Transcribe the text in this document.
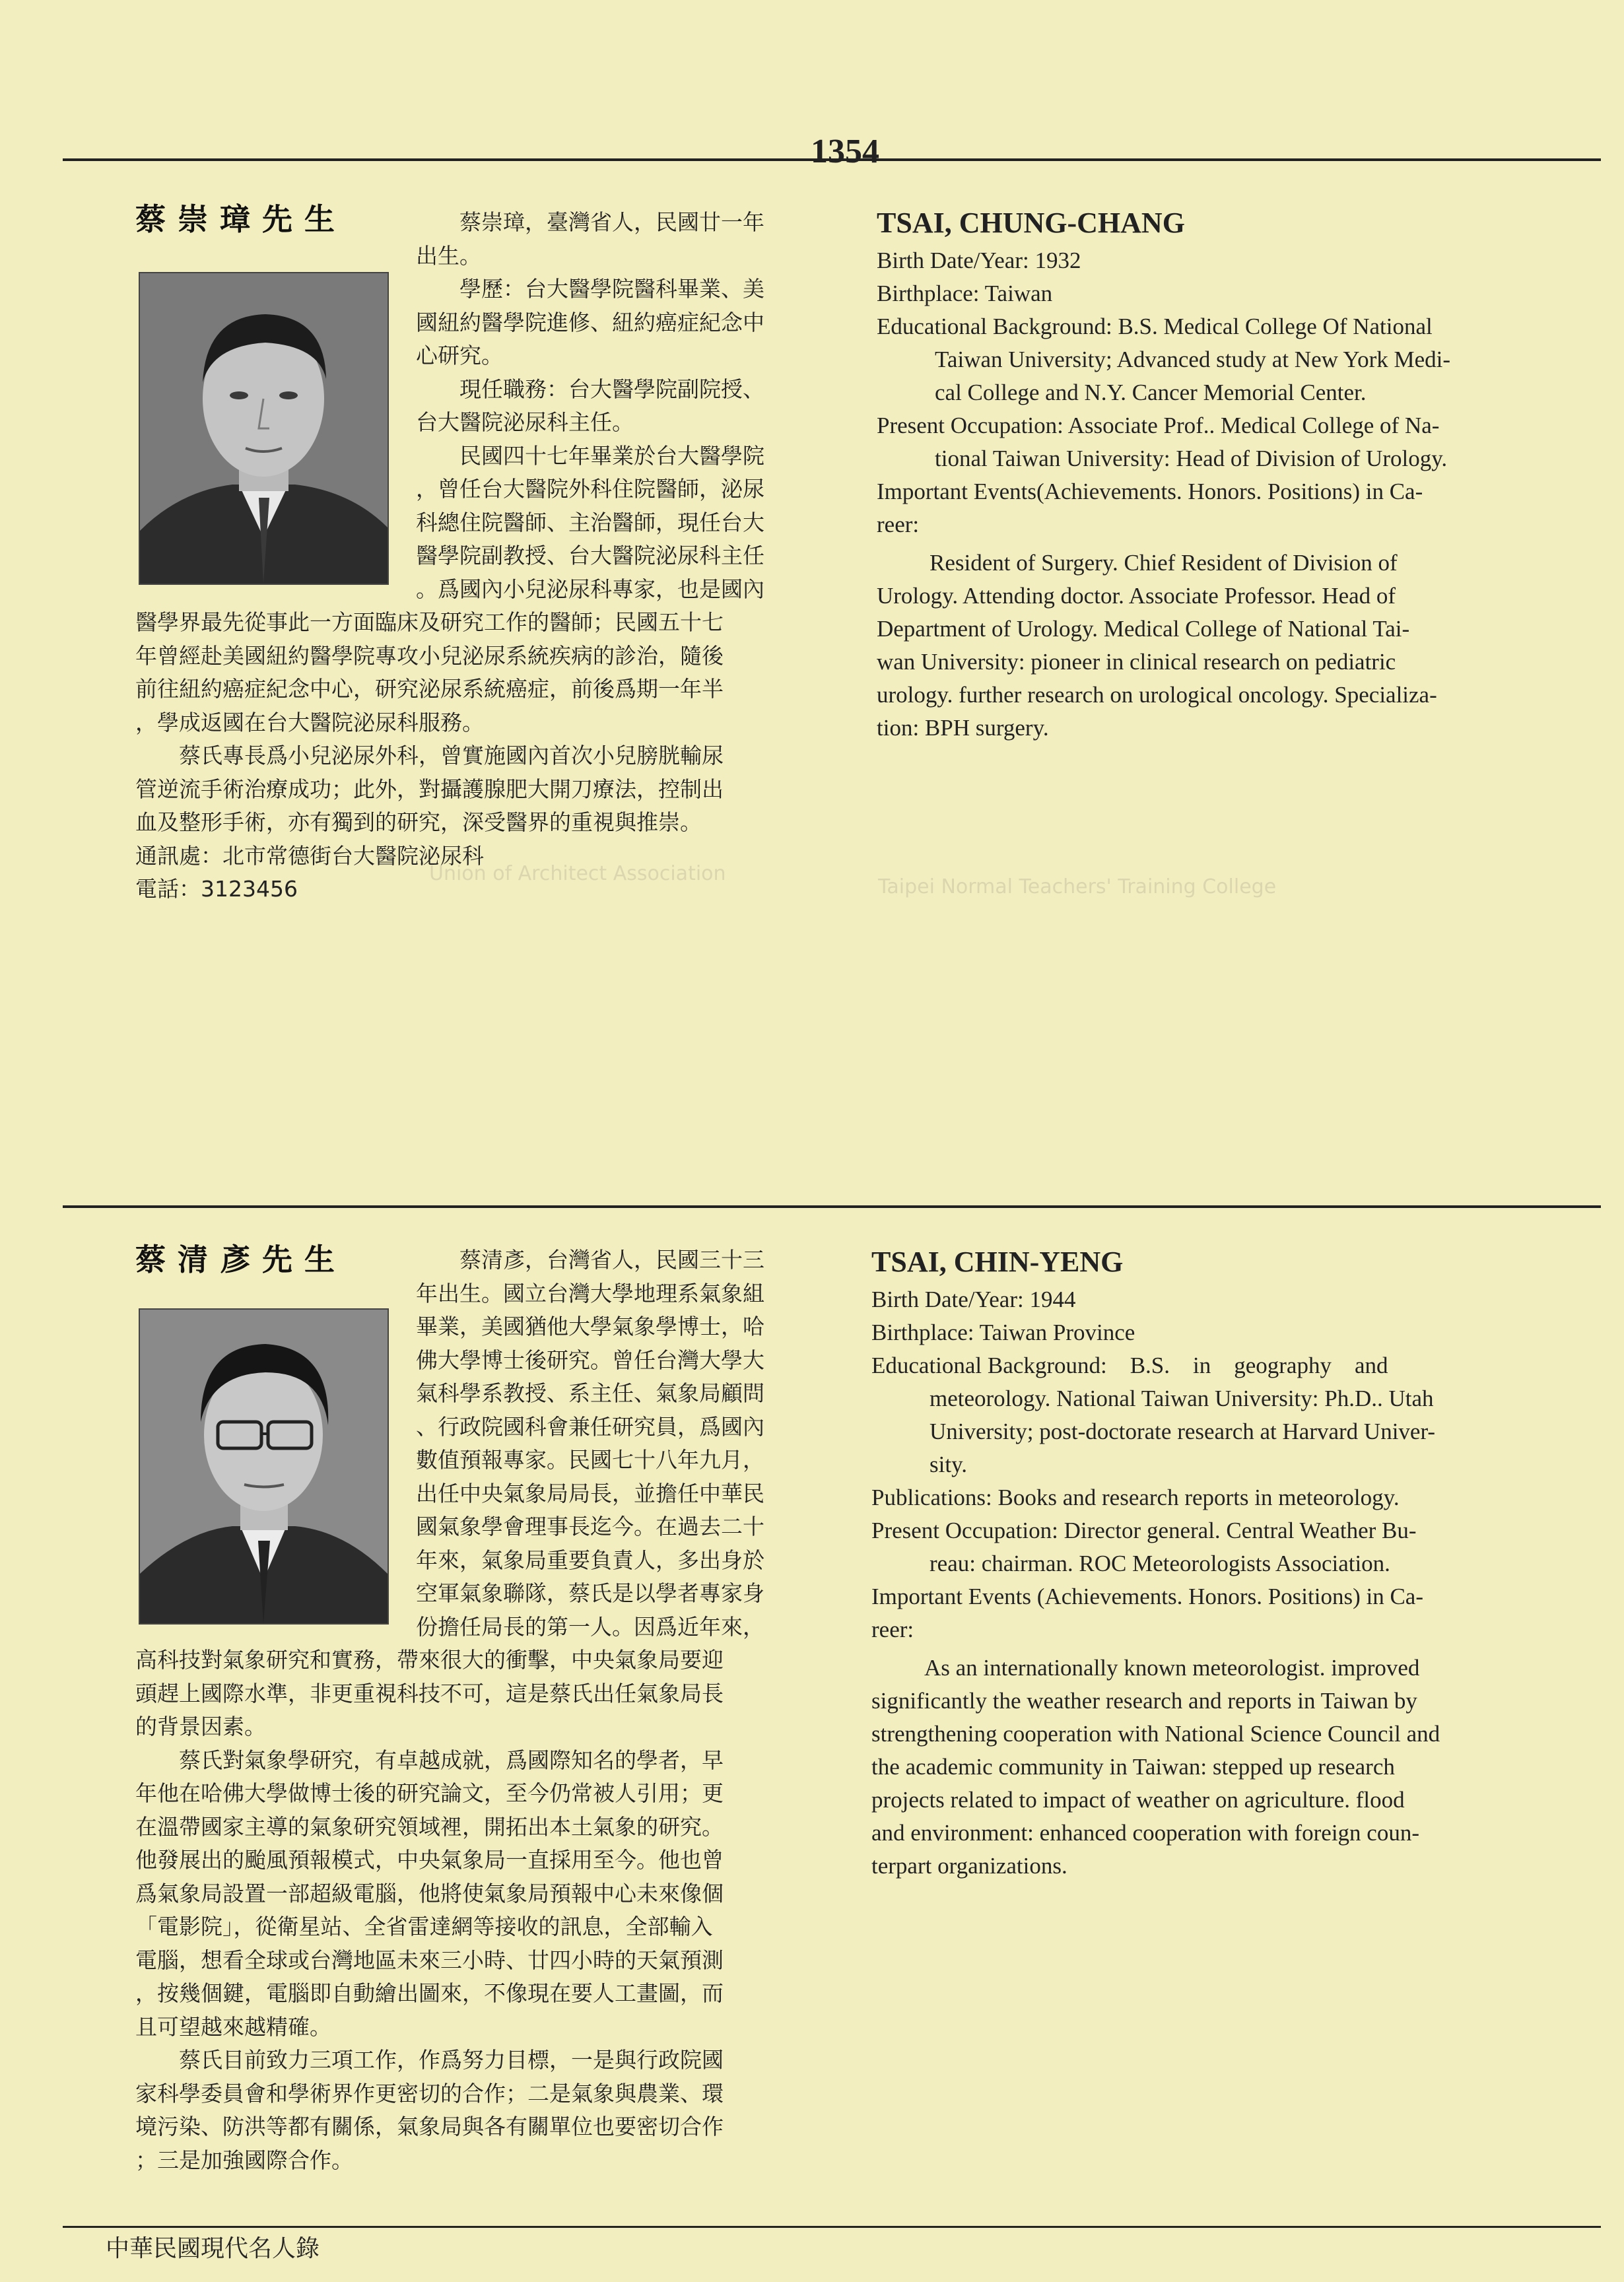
1354
中華民國現代名人錄
Taipei Normal Teachers' Training College
Union of Architect Association
蔡崇璋先生	蔡崇璋，臺灣省人，民國廿一年
出生。
學歷：台大醫學院醫科畢業、美
國紐約醫學院進修、紐約癌症紀念中
心研究。
現任職務：台大醫學院副院授、
台大醫院泌尿科主任。
民國四十七年畢業於台大醫學院
，曾任台大醫院外科住院醫師，泌尿
科總住院醫師、主治醫師，現任台大
醫學院副教授、台大醫院泌尿科主任
。爲國內小兒泌尿科專家，也是國內
醫學界最先從事此一方面臨床及研究工作的醫師；民國五十七
年曾經赴美國紐約醫學院專攻小兒泌尿系統疾病的診治，隨後
前往紐約癌症紀念中心，研究泌尿系統癌症，前後爲期一年半
，學成返國在台大醫院泌尿科服務。
蔡氏專長爲小兒泌尿外科，曾實施國內首次小兒膀胱輸尿
管逆流手術治療成功；此外，對攝護腺肥大開刀療法，控制出
血及整形手術，亦有獨到的研究，深受醫界的重視與推崇。
通訊處：北市常德街台大醫院泌尿科
電話：3123456
TSAI, CHUNG-CHANG
Birth Date/Year: 1932
Birthplace: Taiwan
Educational Background: B.S. Medical College Of National
Taiwan University; Advanced study at New York Medi-
cal College and N.Y. Cancer Memorial Center.
Present Occupation: Associate Prof.. Medical College of Na-
tional Taiwan University: Head of Division of Urology.
Important Events(Achievements. Honors. Positions) in Ca-
reer:
Resident of Surgery. Chief Resident of Division of
Urology. Attending doctor. Associate Professor. Head of
Department of Urology. Medical College of National Tai-
wan University: pioneer in clinical research on pediatric
urology. further research on urological oncology. Specializa-
tion: BPH surgery.
蔡清彥先生	蔡清彥，台灣省人，民國三十三
年出生。國立台灣大學地理系氣象組
畢業，美國猶他大學氣象學博士，哈
佛大學博士後研究。曾任台灣大學大
氣科學系教授、系主任、氣象局顧問
、行政院國科會兼任研究員，爲國內
數值預報專家。民國七十八年九月，
出任中央氣象局局長，並擔任中華民
國氣象學會理事長迄今。在過去二十
年來，氣象局重要負責人，多出身於
空軍氣象聯隊，蔡氏是以學者專家身
份擔任局長的第一人。因爲近年來，
高科技對氣象研究和實務，帶來很大的衝擊，中央氣象局要迎
頭趕上國際水準，非更重視科技不可，這是蔡氏出任氣象局長
的背景因素。
蔡氏對氣象學研究，有卓越成就，爲國際知名的學者，早
年他在哈佛大學做博士後的研究論文，至今仍常被人引用；更
在溫帶國家主導的氣象研究領域裡，開拓出本土氣象的研究。
他發展出的颱風預報模式，中央氣象局一直採用至今。他也曾
爲氣象局設置一部超級電腦，他將使氣象局預報中心未來像個
「電影院」，從衛星站、全省雷達網等接收的訊息，全部輸入
電腦，想看全球或台灣地區未來三小時、廿四小時的天氣預測
，按幾個鍵，電腦即自動繪出圖來，不像現在要人工畫圖，而
且可望越來越精確。
蔡氏目前致力三項工作，作爲努力目標，一是與行政院國
家科學委員會和學術界作更密切的合作；二是氣象與農業、環
境污染、防洪等都有關係，氣象局與各有關單位也要密切合作
；三是加強國際合作。
TSAI, CHIN-YENG
Birth Date/Year: 1944
Birthplace: Taiwan Province
Educational Background:    B.S.    in    geography    and
meteorology. National Taiwan University: Ph.D.. Utah
University; post-doctorate research at Harvard Univer-
sity.
Publications: Books and research reports in meteorology.
Present Occupation: Director general. Central Weather Bu-
reau: chairman. ROC Meteorologists Association.
Important Events (Achievements. Honors. Positions) in Ca-
reer:
As an internationally known meteorologist. improved
significantly the weather research and reports in Taiwan by
strengthening cooperation with National Science Council and
the academic community in Taiwan: stepped up research
projects related to impact of weather on agriculture. flood
and environment: enhanced cooperation with foreign coun-
terpart organizations.
